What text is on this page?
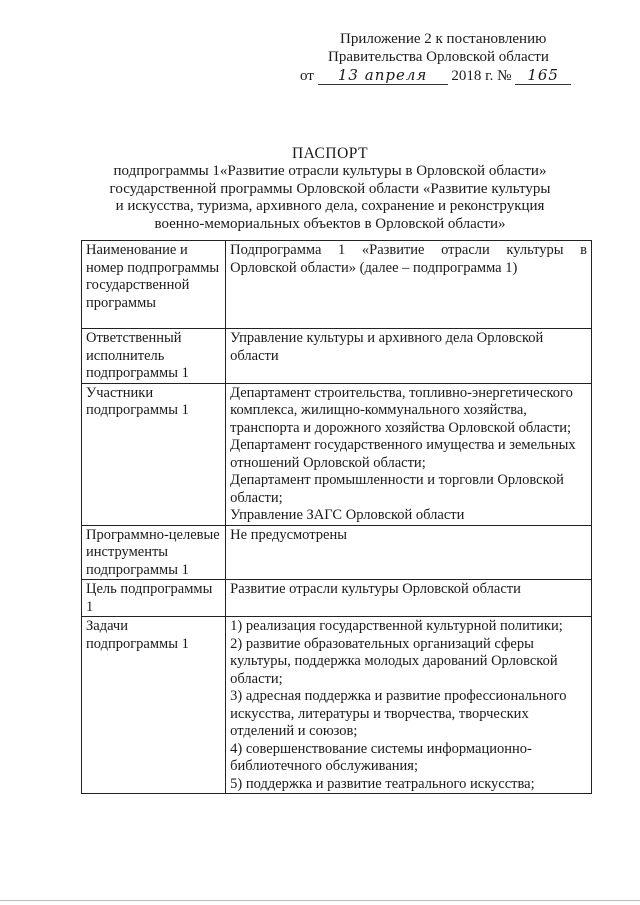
Приложение 2 к постановлению
Правительства Орловской области
от 13 апреля 2018 г. № 165
ПАСПОРТ
подпрограммы 1«Развитие отрасли культуры в Орловской области»
государственной программы Орловской области «Развитие культуры
и искусства, туризма, архивного дела, сохранение и реконструкция
военно-мемориальных объектов в Орловской области»
Наименование и номер подпрограммы государственной программы	Подпрограмма 1 «Развитие отрасли культуры в Орловской области» (далее – подпрограмма 1)

Ответственный исполнитель подпрограммы 1	Управление культуры и архивного дела Орловской области

Участники подпрограммы 1	Департамент строительства, топливно-энергетического комплекса, жилищно-коммунального хозяйства, транспорта и дорожного хозяйства Орловской области;

Департамент государственного имущества и земельных отношений Орловской области;

Департамент промышленности и торговли Орловской области;

Управление ЗАГС Орловской области

Программно-целевые инструменты подпрограммы 1	Не предусмотрены

Цель подпрограммы 1	Развитие отрасли культуры Орловской области

Задачи подпрограммы 1	1) реализация государственной культурной политики;

2) развитие образовательных организаций сферы культуры, поддержка молодых дарований Орловской области;

3) адресная поддержка и развитие профессионального искусства, литературы и творчества, творческих отделений и союзов;

4) совершенствование системы информационно-библиотечного обслуживания;

5) поддержка и развитие театрального искусства;
